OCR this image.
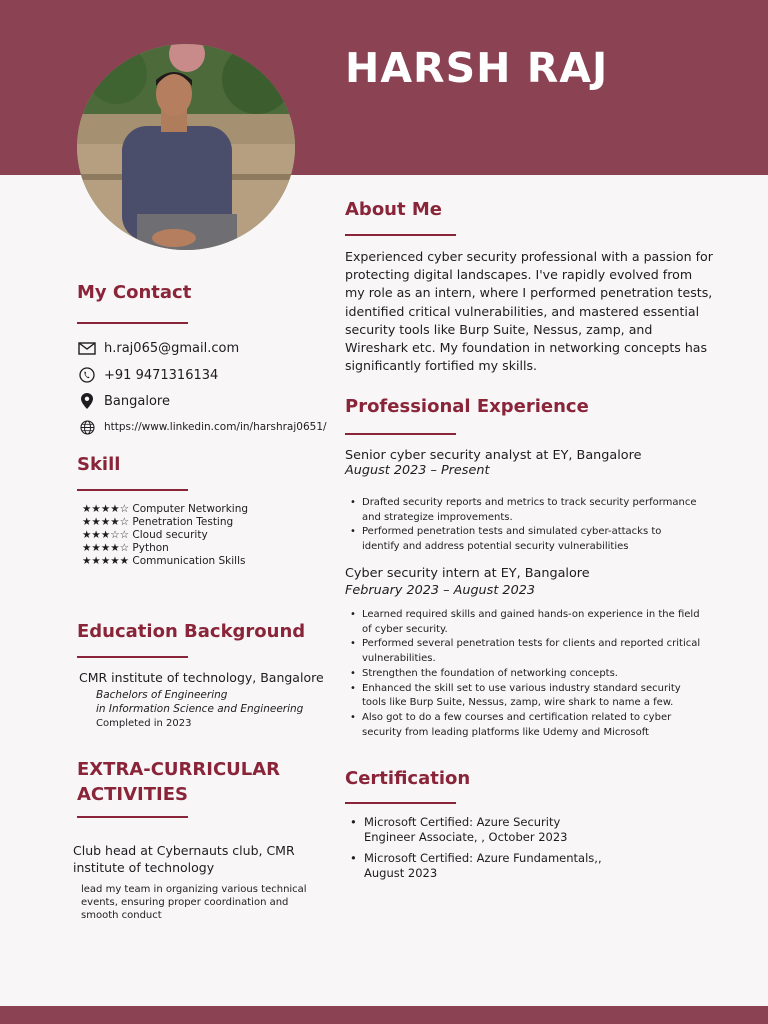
HARSH RAJ
My Contact
h.raj065@gmail.com
+91 9471316134
Bangalore
https://www.linkedin.com/in/harshraj0651/
Skill
★★★★☆ Computer Networking
★★★★☆ Penetration Testing
★★★☆☆ Cloud security
★★★★☆ Python
★★★★★ Communication Skills
Education Background
CMR institute of technology, Bangalore
Bachelors of Engineering
in Information Science and Engineering
Completed in 2023
EXTRA-CURRICULAR
ACTIVITIES
Club head at Cybernauts club, CMR institute of technology
lead my team in organizing various technical events, ensuring proper coordination and smooth conduct
About Me
Experienced cyber security professional with a passion for protecting digital landscapes. I've rapidly evolved from my role as an intern, where I performed penetration tests, identified critical vulnerabilities, and mastered essential security tools like Burp Suite, Nessus, zamp, and Wireshark etc. My foundation in networking concepts has significantly fortified my skills.
Professional Experience
Senior cyber security analyst at EY, Bangalore
August 2023 – Present
• Drafted security reports and metrics to track security performance and strategize improvements.
• Performed penetration tests and simulated cyber-attacks to identify and address potential security vulnerabilities
Cyber security intern at EY, Bangalore
February 2023 – August 2023
• Learned required skills and gained hands-on experience in the field of cyber security.
• Performed several penetration tests for clients and reported critical vulnerabilities.
• Strengthen the foundation of networking concepts.
• Enhanced the skill set to use various industry standard security tools like Burp Suite, Nessus, zamp, wire shark to name a few.
• Also got to do a few courses and certification related to cyber security from leading platforms like Udemy and Microsoft
Certification
• Microsoft Certified: Azure Security Engineer Associate, , October 2023
• Microsoft Certified: Azure Fundamentals,, August 2023
